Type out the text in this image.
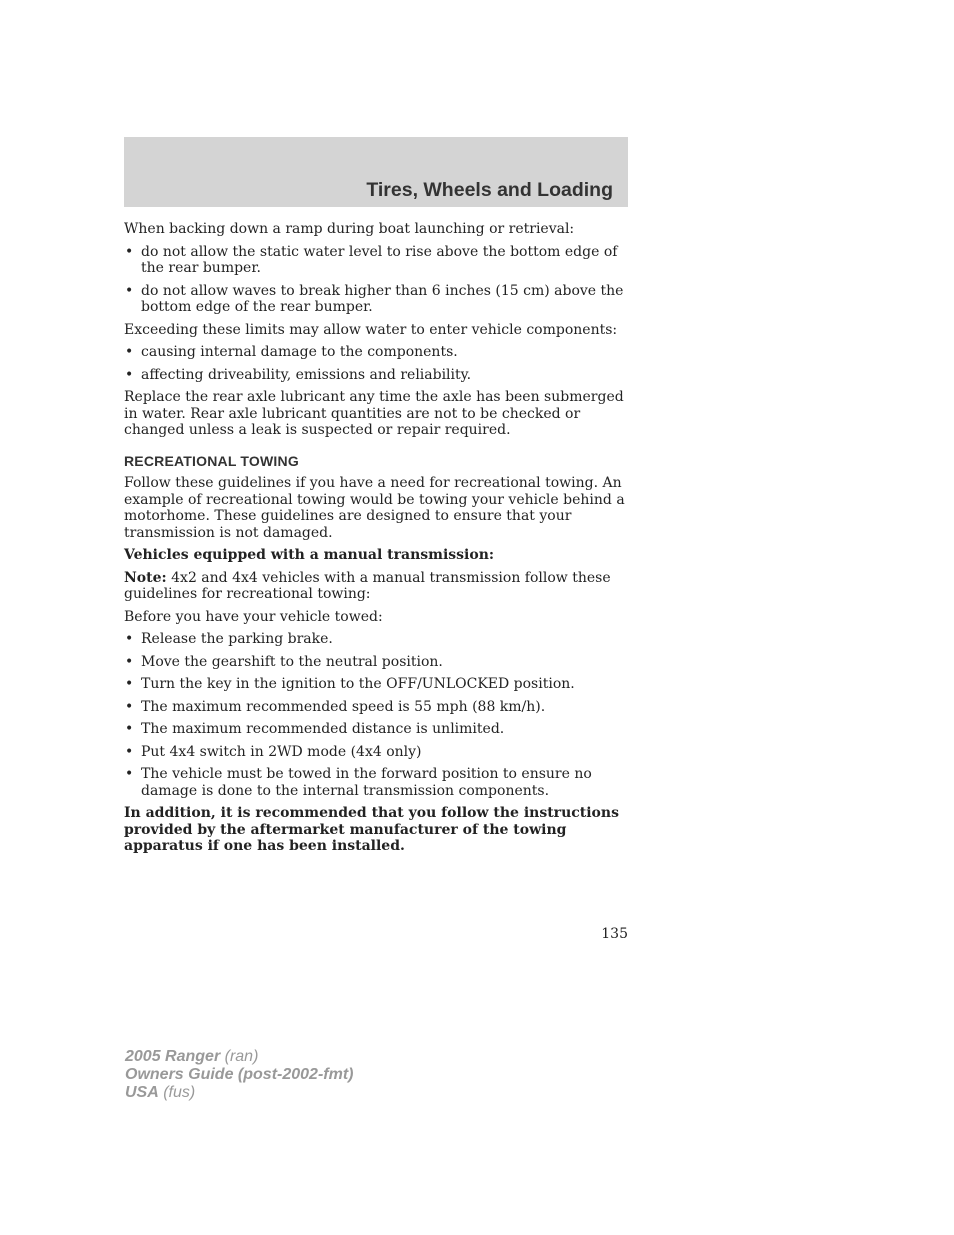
Tires, Wheels and Loading

When backing down a ramp during boat launching or retrieval:

• do not allow the static water level to rise above the bottom edge of the rear bumper.
• do not allow waves to break higher than 6 inches (15 cm) above the bottom edge of the rear bumper.

Exceeding these limits may allow water to enter vehicle components:

• causing internal damage to the components.
• affecting driveability, emissions and reliability.

Replace the rear axle lubricant any time the axle has been submerged in water. Rear axle lubricant quantities are not to be checked or changed unless a leak is suspected or repair required.

RECREATIONAL TOWING

Follow these guidelines if you have a need for recreational towing. An example of recreational towing would be towing your vehicle behind a motorhome. These guidelines are designed to ensure that your transmission is not damaged.

Vehicles equipped with a manual transmission:

Note: 4x2 and 4x4 vehicles with a manual transmission follow these guidelines for recreational towing:

Before you have your vehicle towed:

• Release the parking brake.
• Move the gearshift to the neutral position.
• Turn the key in the ignition to the OFF/UNLOCKED position.
• The maximum recommended speed is 55 mph (88 km/h).
• The maximum recommended distance is unlimited.
• Put 4x4 switch in 2WD mode (4x4 only)
• The vehicle must be towed in the forward position to ensure no damage is done to the internal transmission components.

In addition, it is recommended that you follow the instructions provided by the aftermarket manufacturer of the towing apparatus if one has been installed.

135
2005 Ranger (ran)
Owners Guide (post-2002-fmt)
USA (fus)
